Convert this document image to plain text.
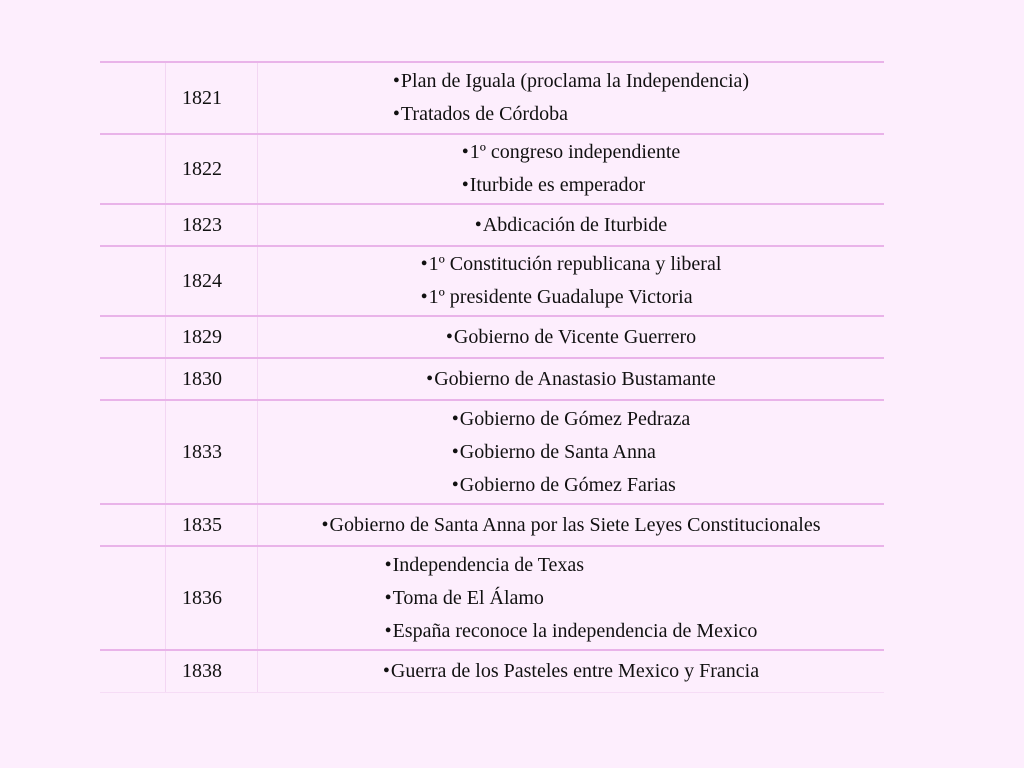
	1821	•Plan de Iguala (proclama la Independencia)
•Tratados de Córdoba

	1822	•1º congreso independiente
•Iturbide es emperador

	1823	•Abdicación de Iturbide

	1824	•1º Constitución republicana y liberal
•1º presidente Guadalupe Victoria

	1829	•Gobierno de Vicente Guerrero

	1830	•Gobierno de Anastasio Bustamante

	1833	•Gobierno de Gómez Pedraza
•Gobierno de Santa Anna
•Gobierno de Gómez Farias

	1835	•Gobierno de Santa Anna por las Siete Leyes Constitucionales

	1836	•Independencia de Texas
•Toma de El Álamo
•España reconoce la independencia de Mexico

	1838	•Guerra de los Pasteles entre Mexico y Francia
